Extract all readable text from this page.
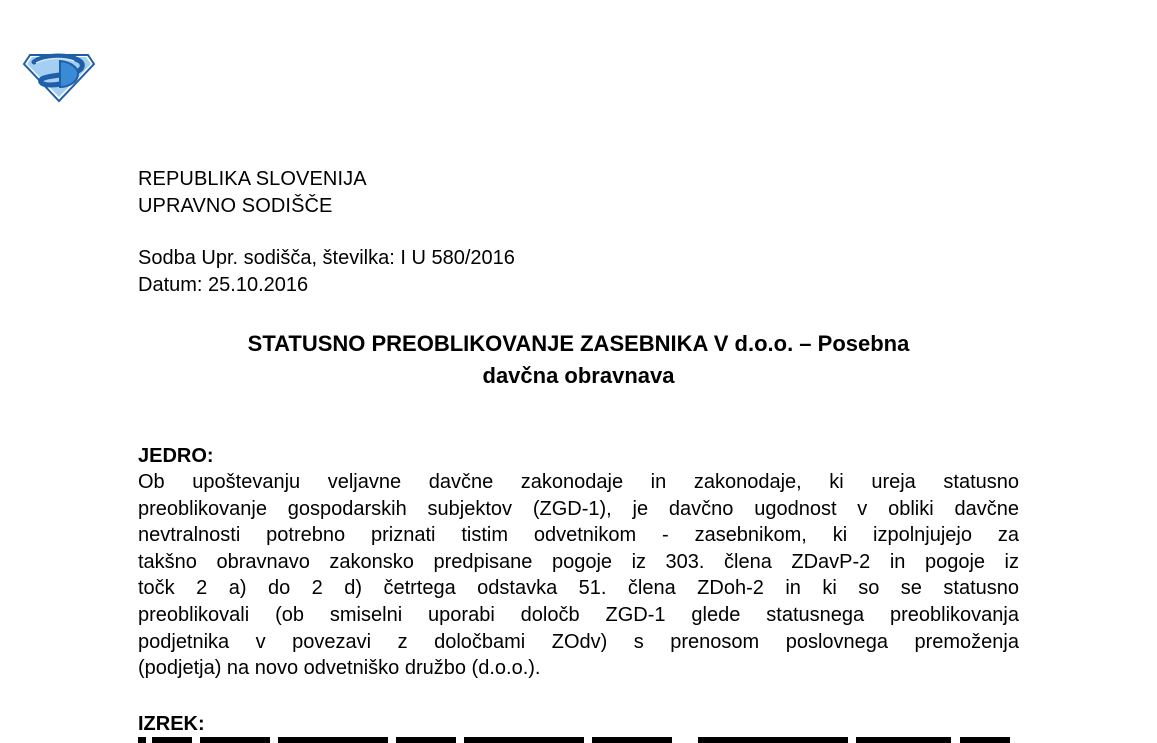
REPUBLIKA SLOVENIJA
UPRAVNO SODIŠČE
Sodba Upr. sodišča, številka: I U 580/2016
Datum: 25.10.2016
STATUSNO PREOBLIKOVANJE ZASEBNIKA V d.o.o. – Posebna
davčna obravnava
JEDRO:
Ob upoštevanju veljavne davčne zakonodaje in zakonodaje, ki ureja statusno
preoblikovanje gospodarskih subjektov (ZGD-1), je davčno ugodnost v obliki davčne
nevtralnosti potrebno priznati tistim odvetnikom - zasebnikom, ki izpolnjujejo za
takšno obravnavo zakonsko predpisane pogoje iz 303. člena ZDavP-2 in pogoje iz
točk 2 a) do 2 d) četrtega odstavka 51. člena ZDoh-2 in ki so se statusno
preoblikovali (ob smiselni uporabi določb ZGD-1 glede statusnega preoblikovanja
podjetnika v povezavi z določbami ZOdv) s prenosom poslovnega premoženja
(podjetja) na novo odvetniško družbo (d.o.o.).
IZREK:
